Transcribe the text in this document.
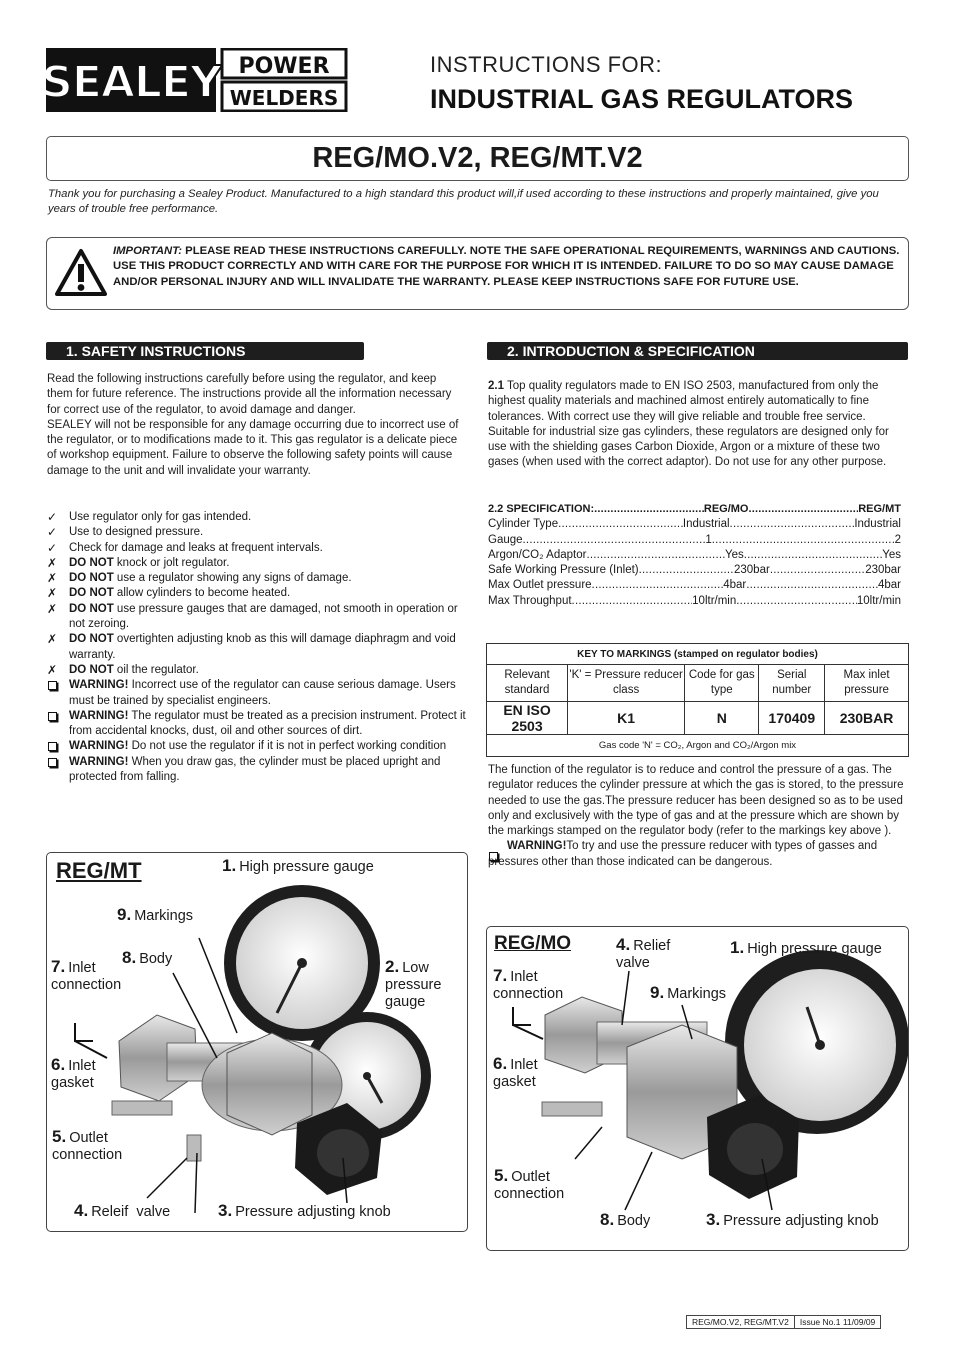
SEALEY POWER
WELDERS
INSTRUCTIONS FOR:
INDUSTRIAL GAS REGULATORS
REG/MO.V2, REG/MT.V2
Thank you for purchasing a Sealey Product. Manufactured to a high standard this product will,if used according to these instructions and properly maintained, give you years of trouble free performance.
IMPORTANT: PLEASE READ THESE INSTRUCTIONS CAREFULLY. NOTE THE SAFE OPERATIONAL REQUIREMENTS, WARNINGS AND CAUTIONS. USE THIS PRODUCT CORRECTLY AND WITH CARE FOR THE PURPOSE FOR WHICH IT IS INTENDED. FAILURE TO DO SO MAY CAUSE DAMAGE AND/OR PERSONAL INJURY AND WILL INVALIDATE THE WARRANTY. PLEASE KEEP INSTRUCTIONS SAFE FOR FUTURE USE.
1. SAFETY INSTRUCTIONS	2. INTRODUCTION & SPECIFICATION
Read the following instructions carefully before using the regulator, and keep them for future reference. The instructions provide all the information necessary for correct use of the regulator, to avoid damage and danger.
SEALEY will not be responsible for any damage occurring due to incorrect use of the regulator, or to modifications made to it. This gas regulator is a delicate piece of workshop equipment. Failure to observe the following safety points will cause damage to the unit and will invalidate your warranty.
✓	Use regulator only for gas intended.
✓	Use to designed pressure.
✓	Check for damage and leaks at frequent intervals.
✗	DO NOT knock or jolt regulator.
✗	DO NOT use a regulator showing any signs of damage.
✗	DO NOT allow cylinders to become heated.
✗	DO NOT use pressure gauges that are damaged, not smooth in operation or not zeroing.
✗	DO NOT overtighten adjusting knob as this will damage diaphragm and void warranty.
✗	DO NOT oil the regulator.
WARNING! Incorrect use of the regulator can cause serious damage. Users must be trained by specialist engineers.
WARNING! The regulator must be treated as a precision instrument. Protect it from accidental knocks, dust, oil and other sources of dirt.
WARNING! Do not use the regulator if it is not in perfect working condition
WARNING! When you draw gas, the cylinder must be placed upright and protected from falling.
2.1 Top quality regulators made to EN ISO 2503, manufactured from only the highest quality materials and machined almost entirely automatically to fine tolerances. With correct use they will give reliable and trouble free service. Suitable for industrial size gas cylinders, these regulators are designed only for use with the shielding gases Carbon Dioxide, Argon or a mixture of these two gases (when used with the correct adaptor). Do not use for any other purpose.
2.2 SPECIFICATION: .....	REG/MO .....	REG/MT
Cylinder Type .....	Industrial .....	Industrial
Gauge .....	1 .....	2
Argon/CO₂ Adaptor .....	Yes .....	Yes
Safe Working Pressure (Inlet) .....	230bar .....	230bar
Max Outlet pressure .....	4bar .....	4bar
Max Throughput .....	10ltr/min .....	10ltr/min
KEY TO MARKINGS (stamped on regulator bodies)				
Relevant standard	'K' = Pressure reducer class	Code for gas type	Serial number	Max inlet pressure
EN ISO 2503	K1	N	170409	230BAR
Gas code 'N' = CO₂, Argon and CO₂/Argon mix				
The function of the regulator is to reduce and control the pressure of a gas. The regulator reduces the cylinder pressure at which the gas is stored, to the pressure needed to use the gas.The pressure reducer has been designed so as to be used only and exclusively with the type of gas and at the pressure which are shown by the markings stamped on the regulator body (refer to the markings key above ).
WARNING!To try and use the pressure reducer with types of gasses and pressures other than those indicated can be dangerous.
REG/MT	1. High pressure gauge
9. Markings
8. Body
7. Inlet
connection
2. Low
pressure
gauge
6. Inlet
gasket
5. Outlet
connection
4. Releif  valve	3. Pressure adjusting knob
REG/MO	4. Relief
valve
1. High pressure gauge
7. Inlet
connection	9. Markings
6. Inlet
gasket
5. Outlet
connection
8. Body	3. Pressure adjusting knob
REG/MO.V2, REG/MT.V2	Issue No.1 11/09/09
